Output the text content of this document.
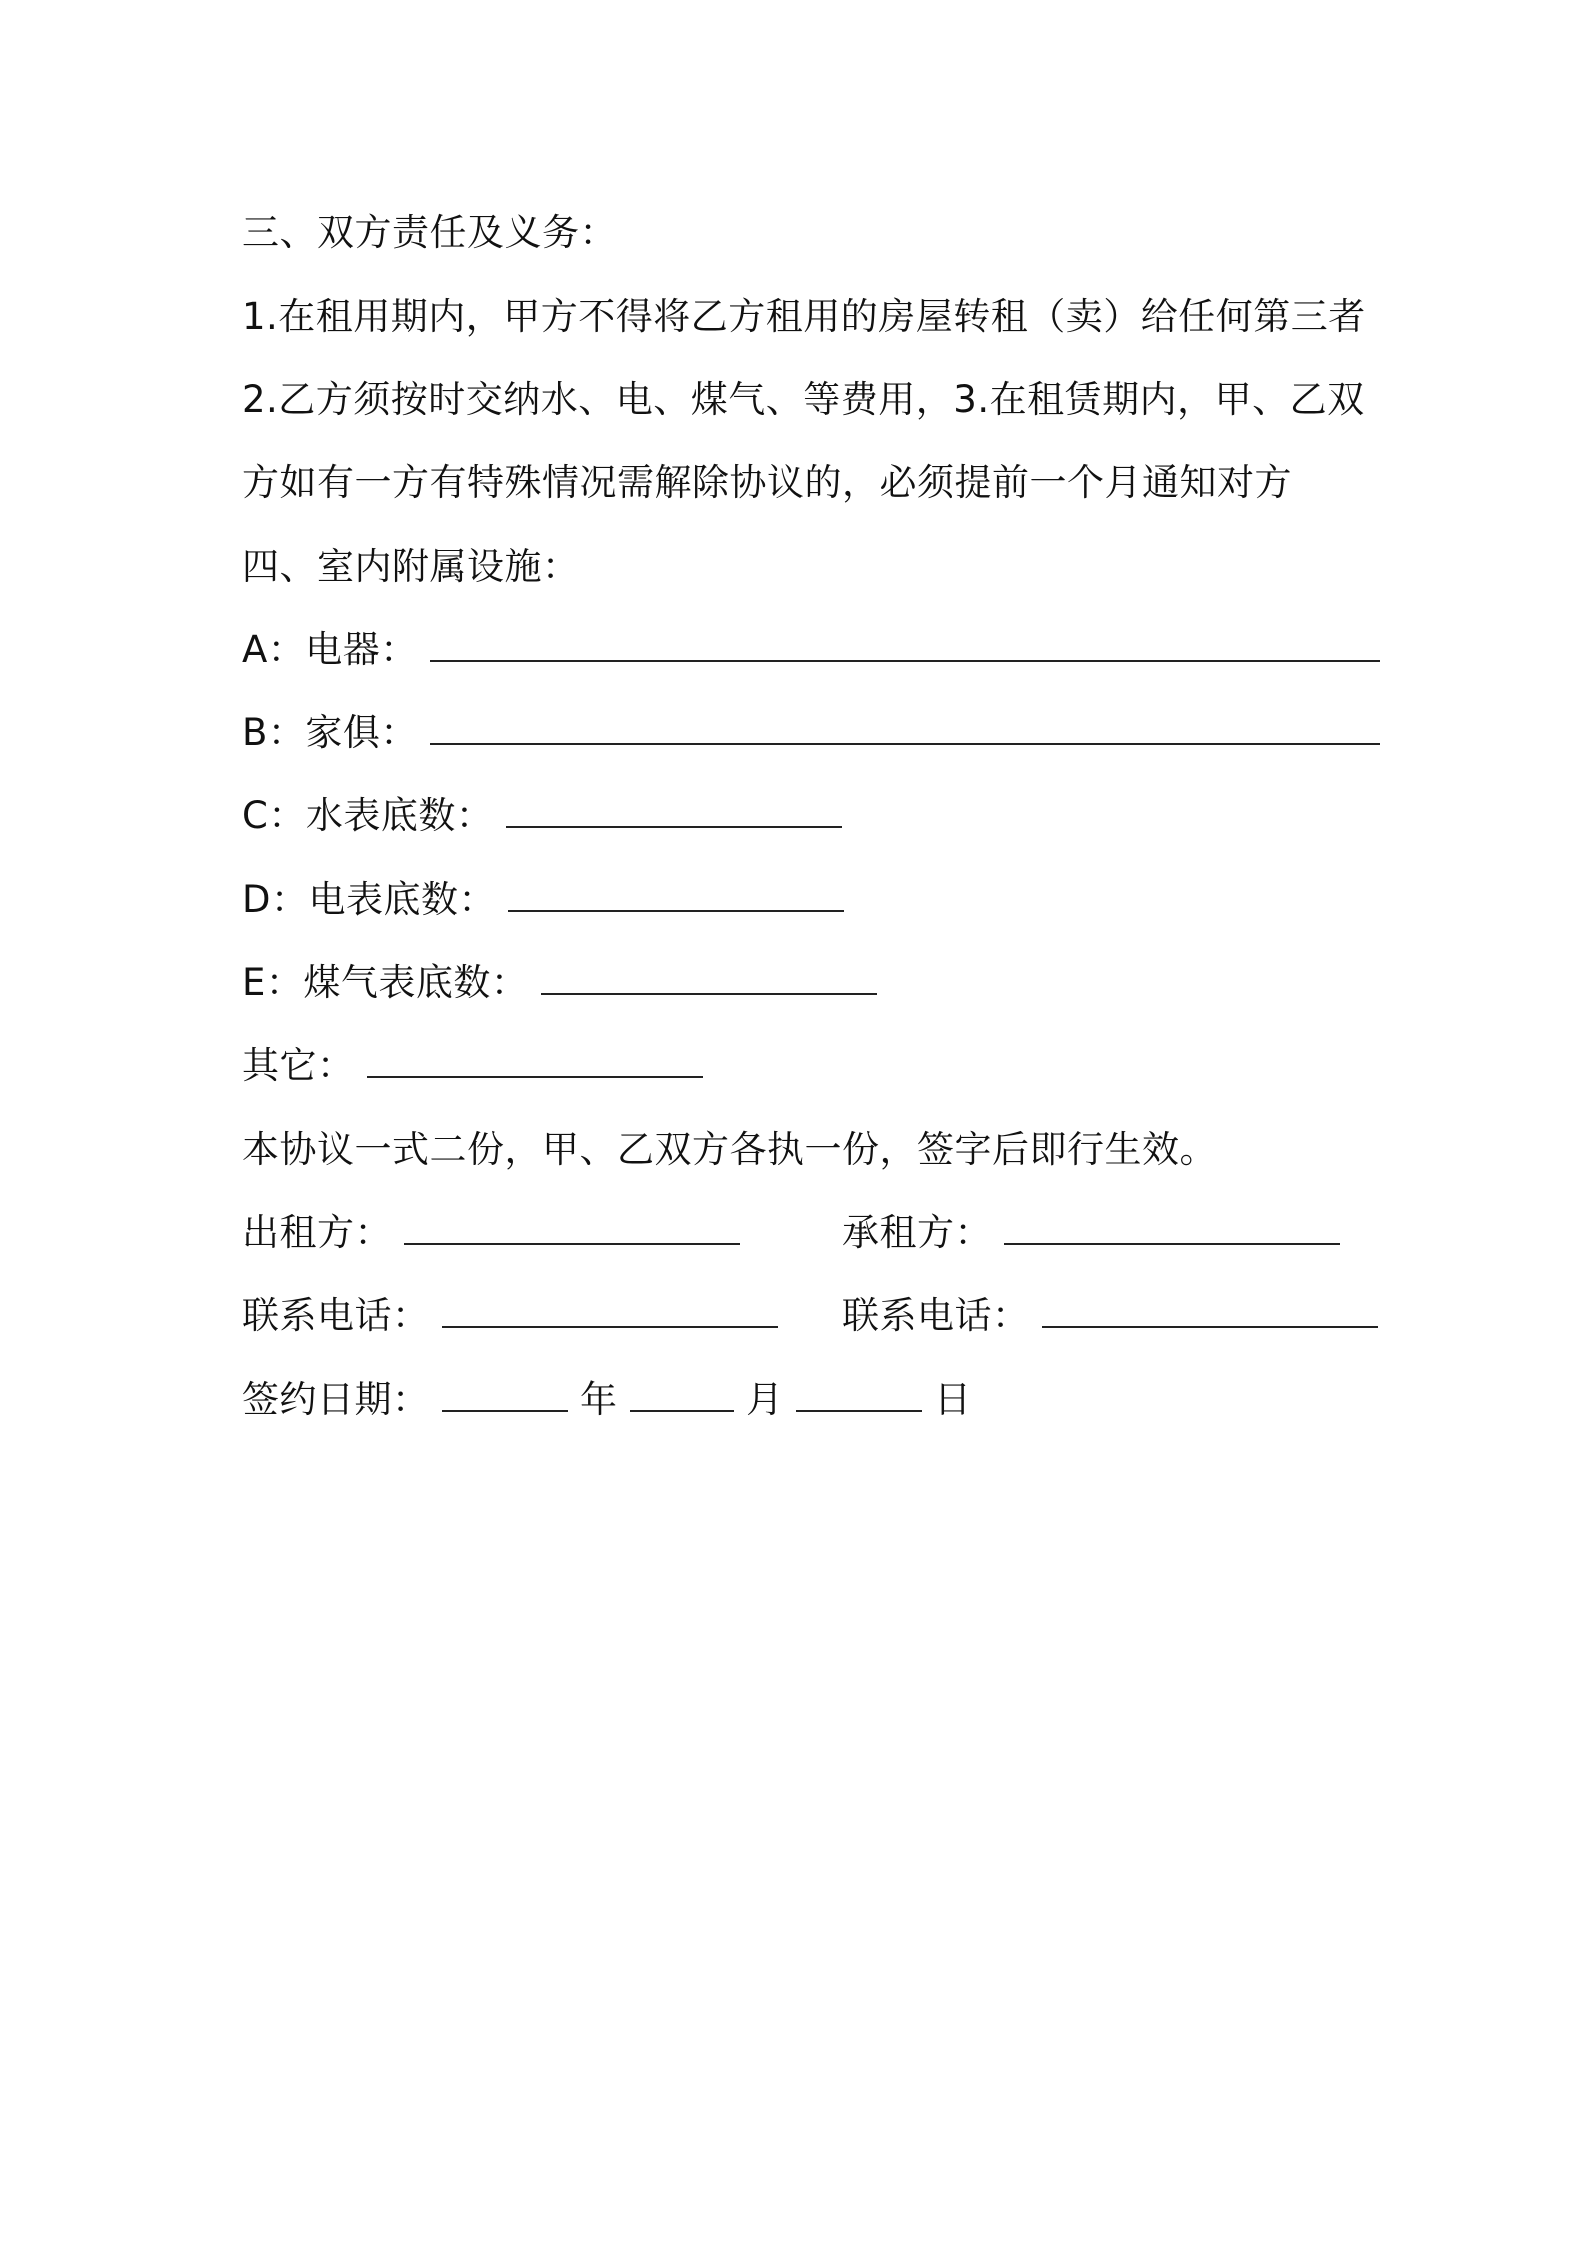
三、双方责任及义务：
1.在租用期内，甲方不得将乙方租用的房屋转租（卖）给任何第三者
2.乙方须按时交纳水、电、煤气、等费用，3.在租赁期内，甲、乙双
方如有一方有特殊情况需解除协议的，必须提前一个月通知对方
四、室内附属设施：
A：电器：
B：家俱：
C：水表底数：
D：电表底数：
E：煤气表底数：
其它：
本协议一式二份，甲、乙双方各执一份，签字后即行生效。
出租方：	承租方：
联系电话：	联系电话：
签约日期：	年	月	日
